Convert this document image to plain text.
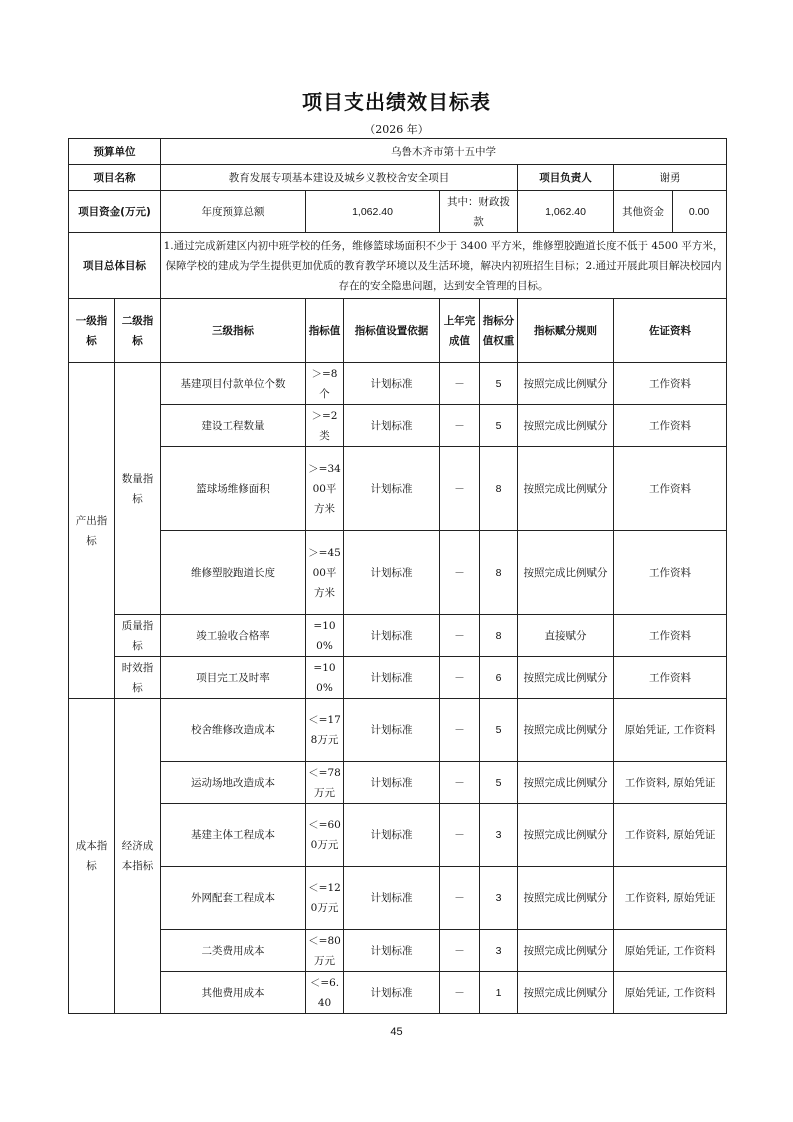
项目支出绩效目标表
（2026 年）
预算单位		乌鲁木齐市第十五中学						
项目名称		教育发展专项基本建设及城乡义教校舍安全项目					项目负责人	谢勇
项目资金(万元)		年度预算总额	1,062.40		其中：财政拨款		1,062.40	其他资金 0.00

项目总体目标		1.通过完成新建区内初中班学校的任务，维修篮球场面积不少于 3400 平方米，维修塑胶跑道长度不低于 4500 平方米，保障学校的建成为学生提供更加优质的教育教学环境以及生活环境，解决内初班招生目标；2.通过开展此项目解决校园内存在的安全隐患问题，达到安全管理的目标。						
一级指标	二级指标	三级指标	指标值	指标值设置依据	上年完成值	指标分值权重	指标赋分规则	佐证资料
产出指标	数量指标	基建项目付款单位个数	＞=8个	计划标准	－	5	按照完成比例赋分	工作资料
		建设工程数量	＞=2类	计划标准	－	5	按照完成比例赋分	工作资料
		篮球场维修面积	＞=3400平方米	计划标准	－	8	按照完成比例赋分	工作资料
		维修塑胶跑道长度	＞=4500平方米	计划标准	－	8	按照完成比例赋分	工作资料
	质量指标	竣工验收合格率	=100%	计划标准	－	8	直接赋分	工作资料
	时效指标	项目完工及时率	=100%	计划标准	－	6	按照完成比例赋分	工作资料
成本指标	经济成本指标	校舍维修改造成本	＜=178万元	计划标准	－	5	按照完成比例赋分	原始凭证, 工作资料
		运动场地改造成本	＜=78万元	计划标准	－	5	按照完成比例赋分	工作资料, 原始凭证
		基建主体工程成本	＜=600万元	计划标准	－	3	按照完成比例赋分	工作资料, 原始凭证
		外网配套工程成本	＜=120万元	计划标准	－	3	按照完成比例赋分	工作资料, 原始凭证
		二类费用成本	＜=80万元	计划标准	－	3	按照完成比例赋分	原始凭证, 工作资料
		其他费用成本	＜=6.40	计划标准	－	1	按照完成比例赋分	原始凭证, 工作资料
45
